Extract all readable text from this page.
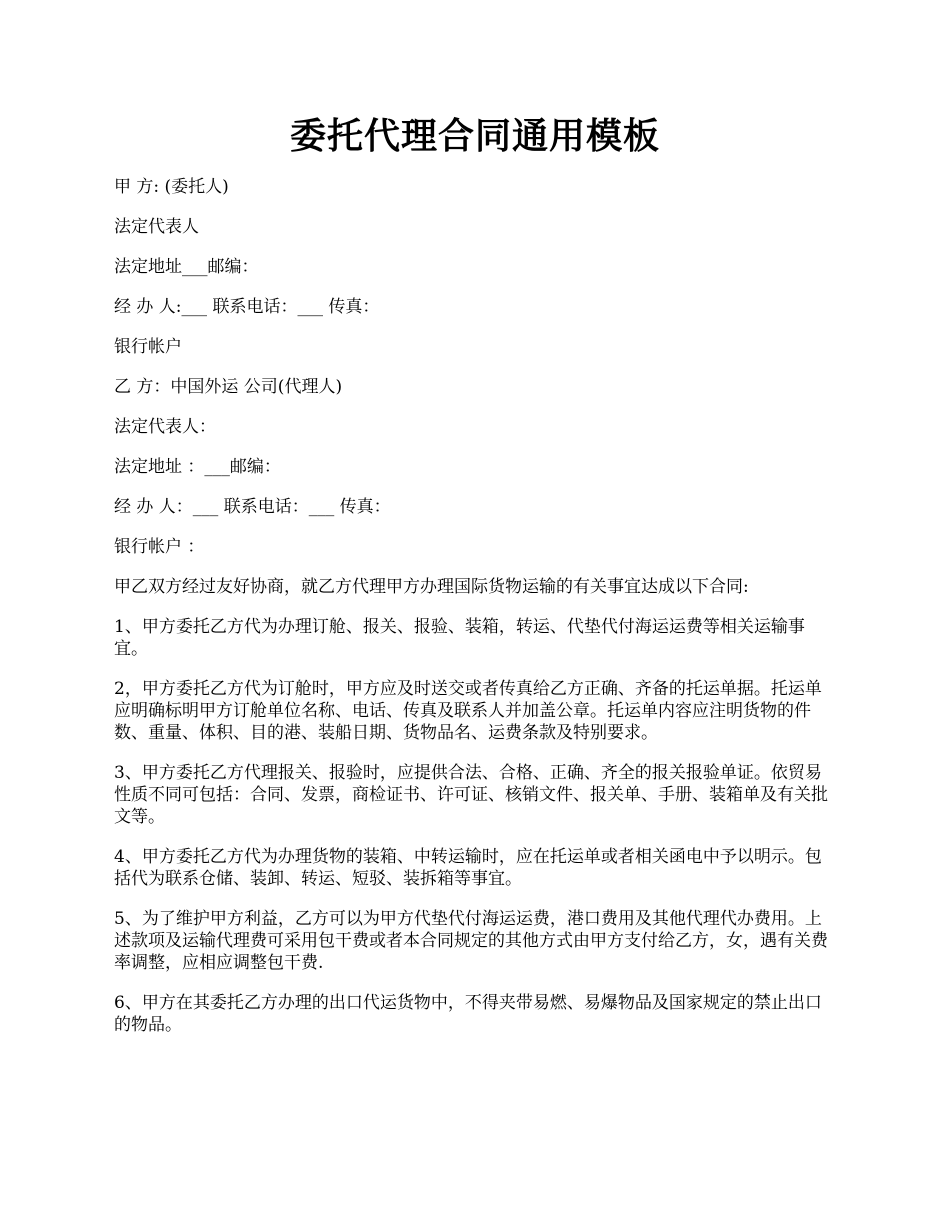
委托代理合同通用模板

甲 方: (委托人)

法定代表人

法定地址___邮编：

经 办 人:___ 联系电话：___ 传真：

银行帐户

乙 方：中国外运 公司(代理人)

法定代表人：

法定地址 ：___邮编：

经 办 人：___ 联系电话：___ 传真：

银行帐户 ：

甲乙双方经过友好协商，就乙方代理甲方办理国际货物运输的有关事宜达成以下合同:

1、甲方委托乙方代为办理订舱、报关、报验、装箱，转运、代垫代付海运运费等相关运输事宜。

2，甲方委托乙方代为订舱时，甲方应及时送交或者传真给乙方正确、齐备的托运单据。托运单应明确标明甲方订舱单位名称、电话、传真及联系人并加盖公章。托运单内容应注明货物的件数、重量、体积、目的港、装船日期、货物品名、运费条款及特别要求。

3、甲方委托乙方代理报关、报验时，应提供合法、合格、正确、齐全的报关报验单证。依贸易性质不同可包括：合同、发票，商检证书、许可证、核销文件、报关单、手册、装箱单及有关批文等。

4、甲方委托乙方代为办理货物的装箱、中转运输时，应在托运单或者相关函电中予以明示。包括代为联系仓储、装卸、转运、短驳、装拆箱等事宜。

5、为了维护甲方利益，乙方可以为甲方代垫代付海运运费，港口费用及其他代理代办费用。上述款项及运输代理费可采用包干费或者本合同规定的其他方式由甲方支付给乙方，女，遇有关费率调整，应相应调整包干费.

6、甲方在其委托乙方办理的出口代运货物中，不得夹带易燃、易爆物品及国家规定的禁止出口的物品。
